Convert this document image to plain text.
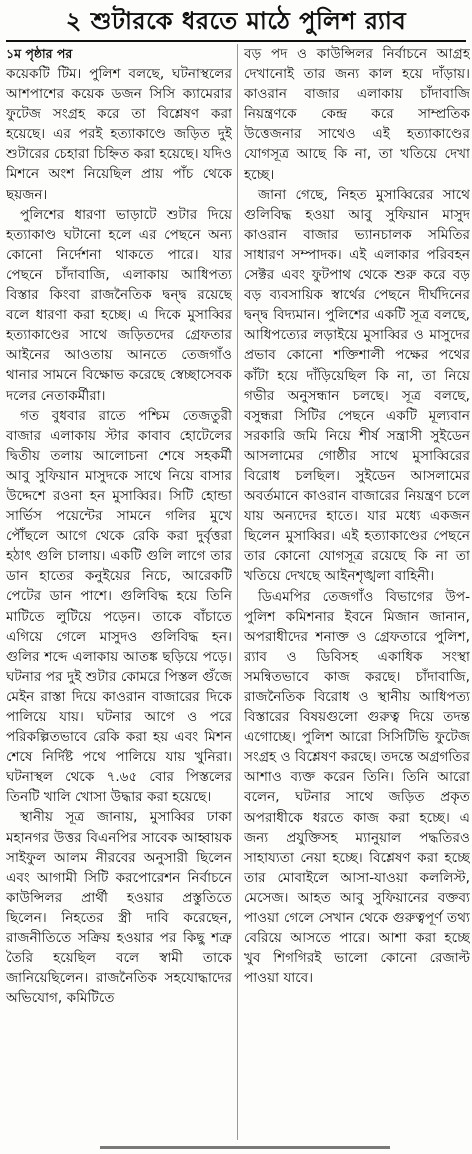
২ শুটারকে ধরতে মাঠে পুলিশ র‍্যাব
১ম পৃষ্ঠার পর

কয়েকটি টিম। পুলিশ বলছে, ঘটনাস্থলের আশপাশের কয়েক ডজন সিসি ক্যামেরার ফুটেজ সংগ্রহ করে তা বিশ্লেষণ করা হয়েছে। এর পরই হত্যাকাণ্ডে জড়িত দুই শুটারের চেহারা চিহ্নিত করা হয়েছে। যদিও মিশনে অংশ নিয়েছিল প্রায় পাঁচ থেকে ছয়জন।

পুলিশের ধারণা ভাড়াটে শুটার দিয়ে হত্যাকাণ্ড ঘটানো হলে এর পেছনে অন্য কোনো নির্দেশনা থাকতে পারে। যার পেছনে চাঁদাবাজি, এলাকায় আধিপত্য বিস্তার কিংবা রাজনৈতিক দ্বন্দ্ব রয়েছে বলে ধারণা করা হচ্ছে। এ দিকে মুসাব্বির হত্যাকাণ্ডের সাথে জড়িতদের গ্রেফতার আইনের আওতায় আনতে তেজগাঁও থানার সামনে বিক্ষোভ করেছে স্বেচ্ছাসেবক দলের নেতাকর্মীরা।

গত বুধবার রাতে পশ্চিম তেজতুরী বাজার এলাকায় স্টার কাবাব হোটেলের দ্বিতীয় তলায় আলোচনা শেষে সহকর্মী আবু সুফিয়ান মাসুদকে সাথে নিয়ে বাসার উদ্দেশে রওনা হন মুসাব্বির। সিটি হোন্ডা সার্ভিস পয়েন্টের সামনে গলির মুখে পৌঁছলে আগে থেকে রেকি করা দুর্বৃত্তরা হঠাৎ গুলি চালায়। একটি গুলি লাগে তার ডান হাতের কনুইয়ের নিচে, আরেকটি পেটের ডান পাশে। গুলিবিদ্ধ হয়ে তিনি মাটিতে লুটিয়ে পড়েন। তাকে বাঁচাতে এগিয়ে গেলে মাসুদও গুলিবিদ্ধ হন। গুলির শব্দে এলাকায় আতঙ্ক ছড়িয়ে পড়ে। ঘটনার পর দুই শুটার কোমরে পিস্তল গুঁজে মেইন রাস্তা দিয়ে কাওরান বাজারের দিকে পালিয়ে যায়। ঘটনার আগে ও পরে পরিকল্পিতভাবে রেকি করা হয় এবং মিশন শেষে নির্দিষ্ট পথে পালিয়ে যায় খুনিরা। ঘটনাস্থল থেকে ৭.৬৫ বোর পিস্তলের তিনটি খালি খোসা উদ্ধার করা হয়েছে।

স্থানীয় সূত্র জানায়, মুসাব্বির ঢাকা মহানগর উত্তর বিএনপির সাবেক আহ্বায়ক সাইফুল আলম নীরবের অনুসারী ছিলেন এবং আগামী সিটি করপোরেশন নির্বাচনে কাউন্সিলর প্রার্থী হওয়ার প্রস্তুতিতে ছিলেন। নিহতের স্ত্রী দাবি করেছেন, রাজনীতিতে সক্রিয় হওয়ার পর কিছু শত্রু তৈরি হয়েছিল বলে স্বামী তাকে জানিয়েছিলেন। রাজনৈতিক সহযোদ্ধাদের অভিযোগ, কমিটিতে

বড় পদ ও কাউন্সিলর নির্বাচনে আগ্রহ দেখানোই তার জন্য কাল হয়ে দাঁড়ায়। কাওরান বাজার এলাকায় চাঁদাবাজি নিয়ন্ত্রণকে কেন্দ্র করে সাম্প্রতিক উত্তেজনার সাথেও এই হত্যাকাণ্ডের যোগসূত্র আছে কি না, তা খতিয়ে দেখা হচ্ছে।

জানা গেছে, নিহত মুসাব্বিরের সাথে গুলিবিদ্ধ হওয়া আবু সুফিয়ান মাসুদ কাওরান বাজার ভ্যানচালক সমিতির সাধারণ সম্পাদক। এই এলাকার পরিবহন সেক্টর এবং ফুটপাথ থেকে শুরু করে বড় বড় ব্যবসায়িক স্বার্থের পেছনে দীর্ঘদিনের দ্বন্দ্ব বিদ্যমান। পুলিশের একটি সূত্র বলছে, আধিপত্যের লড়াইয়ে মুসাব্বির ও মাসুদের প্রভাব কোনো শক্তিশালী পক্ষের পথের কাঁটা হয়ে দাঁড়িয়েছিল কি না, তা নিয়ে গভীর অনুসন্ধান চলছে। সূত্র বলছে, বসুন্ধরা সিটির পেছনে একটি মূল্যবান সরকারি জমি নিয়ে শীর্ষ সন্ত্রাসী সুইডেন আসলামের গোষ্ঠীর সাথে মুসাব্বিরের বিরোধ চলছিল। সুইডেন আসলামের অবর্তমানে কাওরান বাজারের নিয়ন্ত্রণ চলে যায় অন্যদের হাতে। যার মধ্যে একজন ছিলেন মুসাব্বির। এই হত্যাকাণ্ডের পেছনে তার কোনো যোগসূত্র রয়েছে কি না তা খতিয়ে দেখছে আইনশৃঙ্খলা বাহিনী।

ডিএমপির তেজগাঁও বিভাগের উপ-পুলিশ কমিশনার ইবনে মিজান জানান, অপরাধীদের শনাক্ত ও গ্রেফতারে পুলিশ, র‍্যাব ও ডিবিসহ একাধিক সংস্থা সমন্বিতভাবে কাজ করছে। চাঁদাবাজি, রাজনৈতিক বিরোধ ও স্থানীয় আধিপত্য বিস্তারের বিষয়গুলো গুরুত্ব দিয়ে তদন্ত এগোচ্ছে। পুলিশ আরো সিসিটিভি ফুটেজ সংগ্রহ ও বিশ্লেষণ করছে। তদন্তে অগ্রগতির আশাও ব্যক্ত করেন তিনি। তিনি আরো বলেন, ঘটনার সাথে জড়িত প্রকৃত অপরাধীকে ধরতে কাজ করা হচ্ছে। এ জন্য প্রযুক্তিসহ ম্যানুয়াল পদ্ধতিরও সাহায্যতা নেয়া হচ্ছে। বিশ্লেষণ করা হচ্ছে তার মোবাইলে আসা-যাওয়া কললিস্ট, মেসেজ। আহত আবু সুফিয়ানের বক্তব্য পাওয়া গেলে সেখান থেকে গুরুত্বপূর্ণ তথ্য বেরিয়ে আসতে পারে। আশা করা হচ্ছে খুব শিগগিরই ভালো কোনো রেজাল্ট পাওয়া যাবে।
